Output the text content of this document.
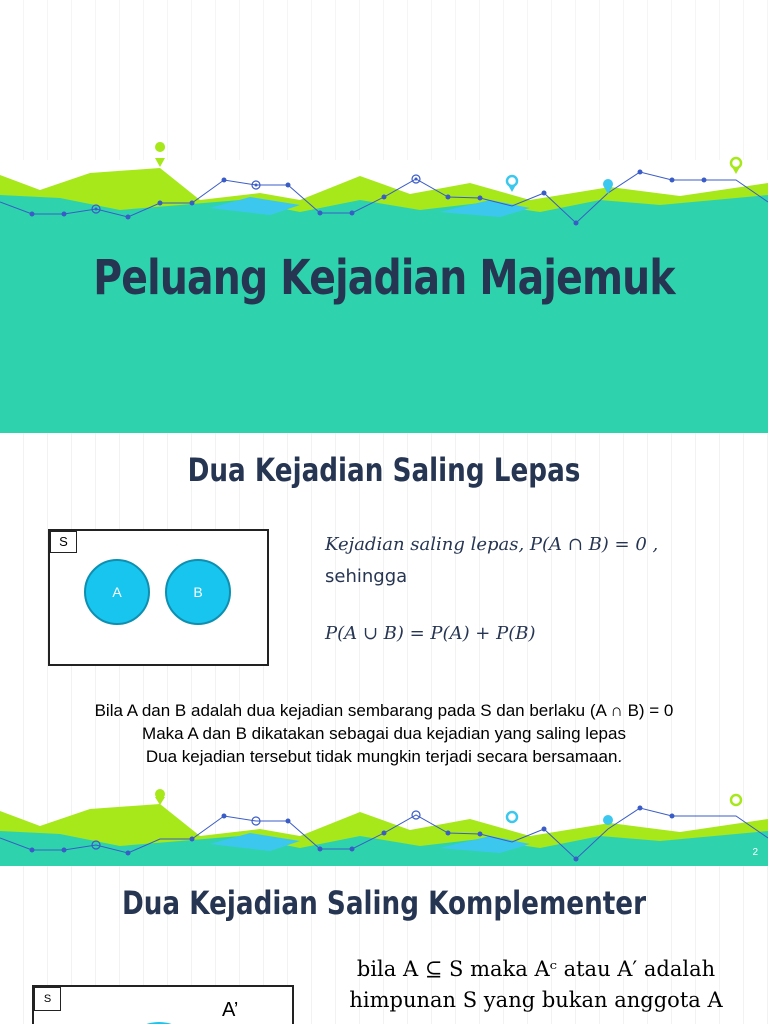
Peluang Kejadian Majemuk
Dua Kejadian Saling Lepas
S
A	B
Kejadian saling lepas, P(A ∩ B) = 0 ,
sehingga
P(A ∪ B) = P(A) + P(B)
Bila A dan B adalah dua kejadian sembarang pada S dan berlaku (A ∩ B) = 0
Maka A dan B dikatakan sebagai dua kejadian yang saling lepas
Dua kejadian tersebut tidak mungkin terjadi secara bersamaan.
2
Dua Kejadian Saling Komplementer
bila A ⊆ S maka Aᶜ atau A′ adalah
himpunan S yang bukan anggota A
S	A’
